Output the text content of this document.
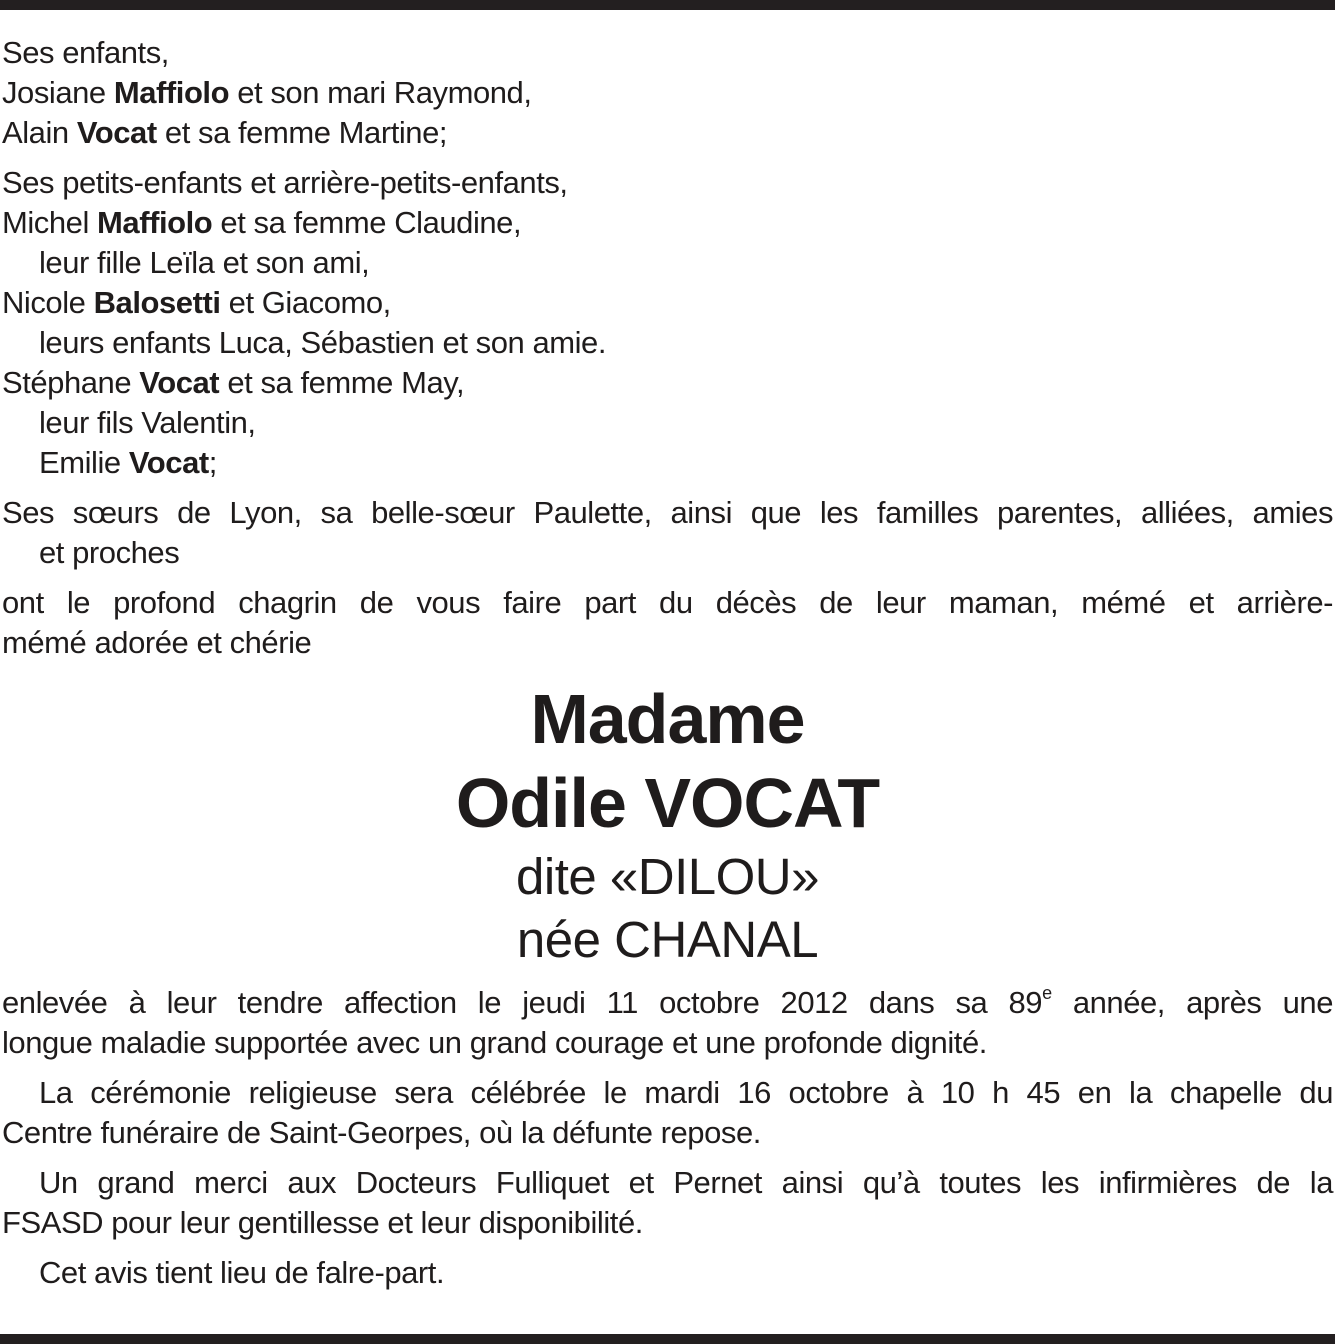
Ses enfants,
Josiane Maffiolo et son mari Raymond,
Alain Vocat et sa femme Martine;
Ses petits-enfants et arrière-petits-enfants,
Michel Maffiolo et sa femme Claudine,
leur fille Leïla et son ami,
Nicole Balosetti et Giacomo,
leurs enfants Luca, Sébastien et son amie.
Stéphane Vocat et sa femme May,
leur fils Valentin,
Emilie Vocat;
Ses sœurs de Lyon, sa belle-sœur Paulette, ainsi que les familles parentes, alliées, amies
et proches
ont le profond chagrin de vous faire part du décès de leur maman, mémé et arrière-
mémé adorée et chérie
Madame
Odile VOCAT
dite «DILOU»
née CHANAL
enlevée à leur tendre affection le jeudi 11 octobre 2012 dans sa 89e année, après une
longue maladie supportée avec un grand courage et une profonde dignité.
La cérémonie religieuse sera célébrée le mardi 16 octobre à 10 h 45 en la chapelle du
Centre funéraire de Saint-Georpes, où la défunte repose.
Un grand merci aux Docteurs Fulliquet et Pernet ainsi qu’à toutes les infirmières de la
FSASD pour leur gentillesse et leur disponibilité.
Cet avis tient lieu de falre-part.
